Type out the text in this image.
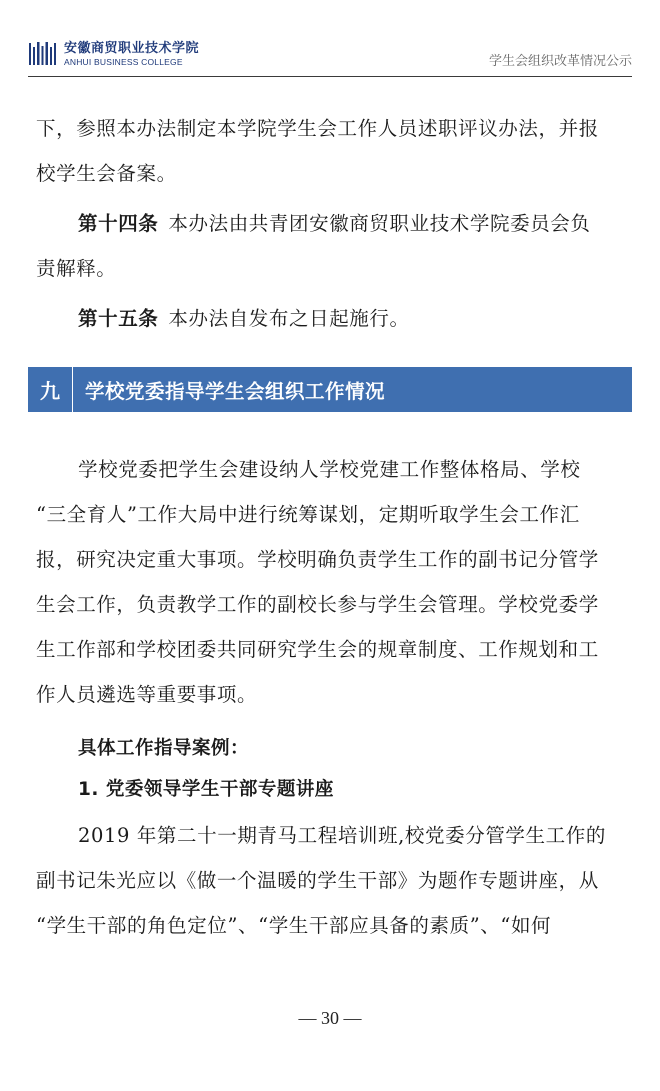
安徽商贸职业技术学院
ANHUI BUSINESS COLLEGE	学生会组织改革情况公示

下，参照本办法制定本学院学生会工作人员述职评议办法，并报

校学生会备案。

第十四条 本办法由共青团安徽商贸职业技术学院委员会负

责解释。

第十五条 本办法自发布之日起施行。

九	学校党委指导学生会组织工作情况

学校党委把学生会建设纳人学校党建工作整体格局、学校

“三全育人”工作大局中进行统筹谋划，定期听取学生会工作汇

报，研究决定重大事项。学校明确负责学生工作的副书记分管学

生会工作，负责教学工作的副校长参与学生会管理。学校党委学

生工作部和学校团委共同研究学生会的规章制度、工作规划和工

作人员遴选等重要事项。

具体工作指导案例：

1. 党委领导学生干部专题讲座

2019 年第二十一期青马工程培训班,校党委分管学生工作的

副书记朱光应以《做一个温暖的学生干部》为题作专题讲座，从

“学生干部的角色定位”、“学生干部应具备的素质”、“如何

— 30 —
